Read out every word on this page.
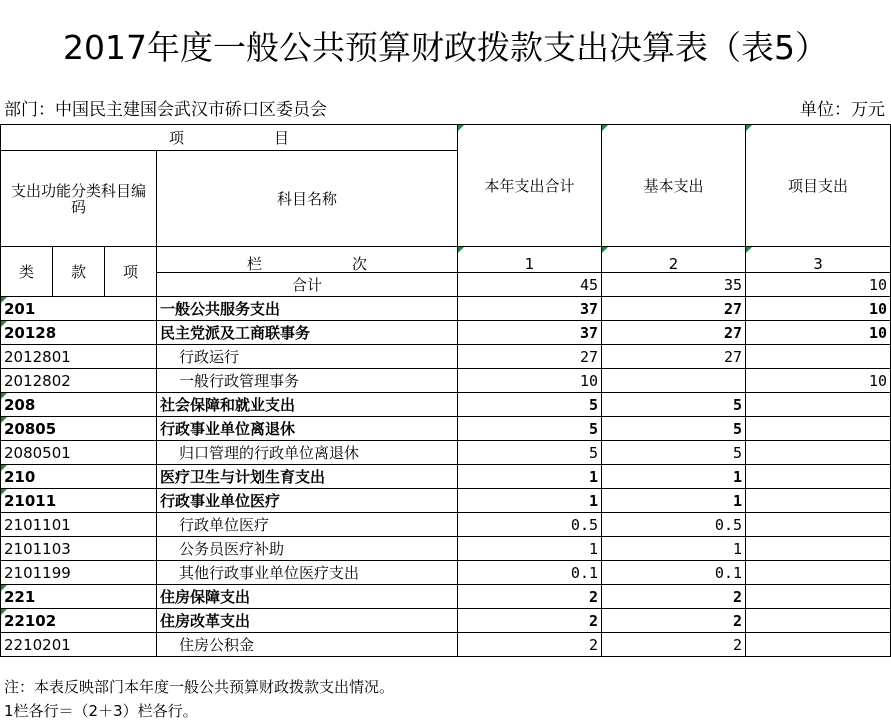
2017年度一般公共预算财政拨款支出决算表（表5）
部门：中国民主建国会武汉市硚口区委员会	单位：万元
项　　　　　　目				本年支出合计	基本支出	项目支出
支出功能分类科目编码			科目名称			
类	款	项	栏　　　　　　次	1	2	3
			合计	45	35	10
201			一般公共服务支出	37	27	10
20128			民主党派及工商联事务	37	27	10
2012801			行政运行	27	27	
2012802			一般行政管理事务	10		10
208			社会保障和就业支出	5	5	
20805			行政事业单位离退休	5	5	
2080501			归口管理的行政单位离退休	5	5	
210			医疗卫生与计划生育支出	1	1	
21011			行政事业单位医疗	1	1	
2101101			行政单位医疗	0.5	0.5	
2101103			公务员医疗补助	1	1	
2101199			其他行政事业单位医疗支出	0.1	0.1	
221			住房保障支出	2	2	
22102			住房改革支出	2	2	
2210201			住房公积金	2	2	
注：本表反映部门本年度一般公共预算财政拨款支出情况。
1栏各行＝（2＋3）栏各行。
